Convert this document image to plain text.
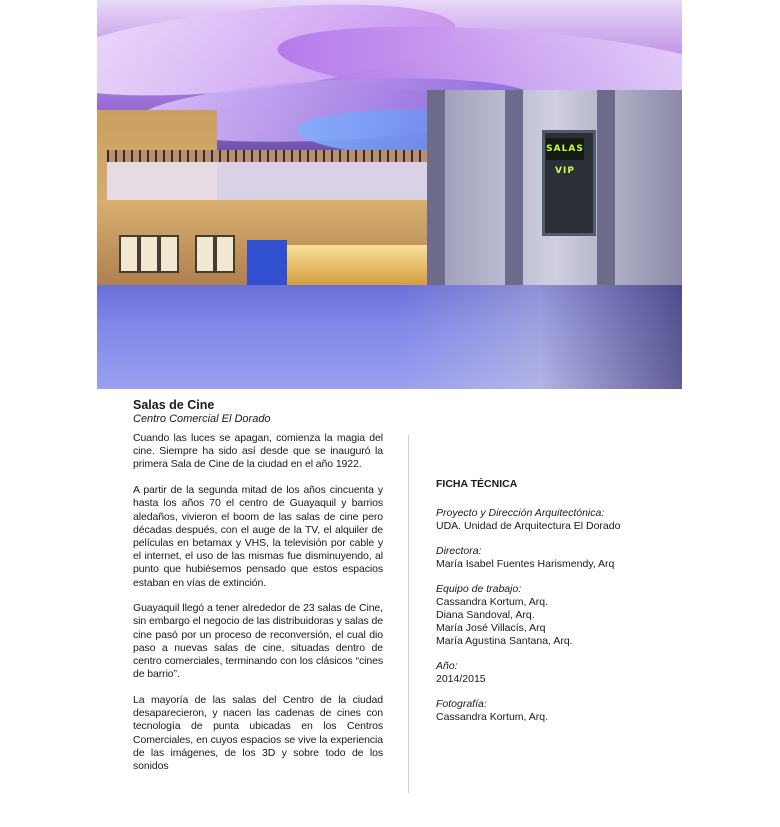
SALAS VIP
Salas de Cine
Centro Comercial El Dorado

Cuando las luces se apagan, comienza la magia del cine. Siempre ha sido así desde que se inauguró la primera Sala de Cine de la ciudad en el año 1922.

A partir de la segunda mitad de los años cincuenta y hasta los años 70 el centro de Guayaquil y barrios aledaños, vivieron el boom de las salas de cine pero décadas después, con el auge de la TV, el alquiler de películas en betamax y VHS, la televisión por cable y el internet, el uso de las mismas fue disminuyendo, al punto que hubiésemos pensado que estos espacios estaban en vías de extinción.

Guayaquil llegó a tener alrededor de 23 salas de Cine, sin embargo el negocio de las distribuidoras y salas de cine pasó por un proceso de reconversión, el cual dio paso a nuevas salas de cine, situadas dentro de centro comerciales, terminando con los clásicos “cines de barrio”.

La mayoría de las salas del Centro de la ciudad desaparecieron, y nacen las cadenas de cines con tecnología de punta ubicadas en los Centros Comerciales, en cuyos espacios se vive la experiencia de las imágenes, de los 3D y sobre todo de los sonidos

FICHA TÉCNICA
Proyecto y Dirección Arquitectónica:
UDA. Unidad de Arquitectura El Dorado
Directora:
María Isabel Fuentes Harismendy, Arq
Equipo de trabajo:
Cassandra Kortum, Arq.
Diana Sandoval, Arq.
María José Villacís, Arq
María Agustina Santana, Arq.
Año:
2014/2015
Fotografía:
Cassandra Kortum, Arq.
